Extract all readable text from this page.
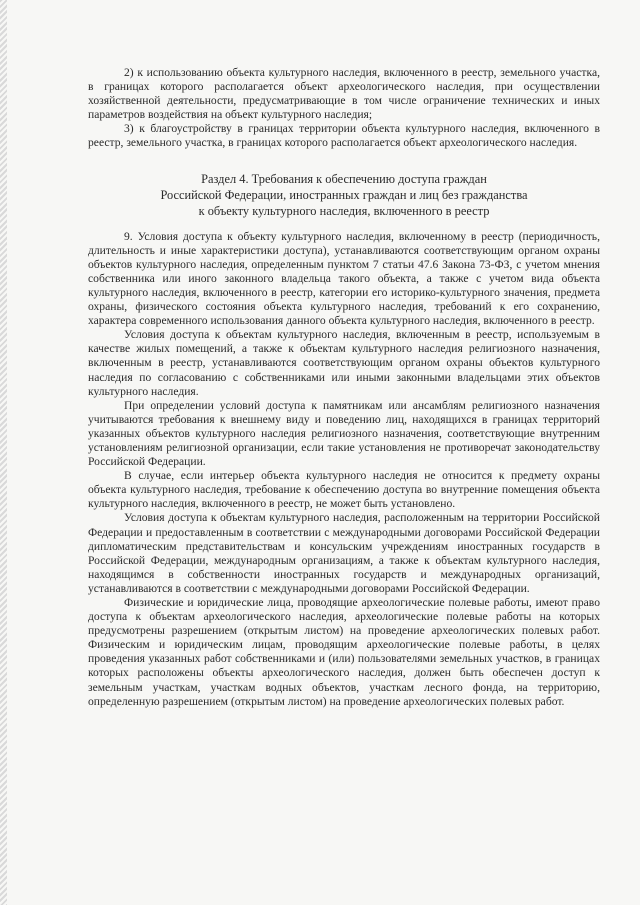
2) к использованию объекта культурного наследия, включенного в реестр, земельного участка, в границах которого располагается объект археологического наследия, при осуществлении хозяйственной деятельности, предусматривающие в том числе ограничение технических и иных параметров воздействия на объект культурного наследия;

3) к благоустройству в границах территории объекта культурного наследия, включенного в реестр, земельного участка, в границах которого располагается объект археологического наследия.

Раздел 4. Требования к обеспечению доступа граждан
Российской Федерации, иностранных граждан и лиц без гражданства
к объекту культурного наследия, включенного в реестр

9. Условия доступа к объекту культурного наследия, включенному в реестр (периодичность, длительность и иные характеристики доступа), устанавливаются соответствующим органом охраны объектов культурного наследия, определенным пунктом 7 статьи 47.6 Закона 73-ФЗ, с учетом мнения собственника или иного законного владельца такого объекта, а также с учетом вида объекта культурного наследия, включенного в реестр, категории его историко-культурного значения, предмета охраны, физического состояния объекта культурного наследия, требований к его сохранению, характера современного использования данного объекта культурного наследия, включенного в реестр.

Условия доступа к объектам культурного наследия, включенным в реестр, используемым в качестве жилых помещений, а также к объектам культурного наследия религиозного назначения, включенным в реестр, устанавливаются соответствующим органом охраны объектов культурного наследия по согласованию с собственниками или иными законными владельцами этих объектов культурного наследия.

При определении условий доступа к памятникам или ансамблям религиозного назначения учитываются требования к внешнему виду и поведению лиц, находящихся в границах территорий указанных объектов культурного наследия религиозного назначения, соответствующие внутренним установлениям религиозной организации, если такие установления не противоречат законодательству Российской Федерации.

В случае, если интерьер объекта культурного наследия не относится к предмету охраны объекта культурного наследия, требование к обеспечению доступа во внутренние помещения объекта культурного наследия, включенного в реестр, не может быть установлено.

Условия доступа к объектам культурного наследия, расположенным на территории Российской Федерации и предоставленным в соответствии с международными договорами Российской Федерации дипломатическим представительствам и консульским учреждениям иностранных государств в Российской Федерации, международным организациям, а также к объектам культурного наследия, находящимся в собственности иностранных государств и международных организаций, устанавливаются в соответствии с международными договорами Российской Федерации.

Физические и юридические лица, проводящие археологические полевые работы, имеют право доступа к объектам археологического наследия, археологические полевые работы на которых предусмотрены разрешением (открытым листом) на проведение археологических полевых работ. Физическим и юридическим лицам, проводящим археологические полевые работы, в целях проведения указанных работ собственниками и (или) пользователями земельных участков, в границах которых расположены объекты археологического наследия, должен быть обеспечен доступ к земельным участкам, участкам водных объектов, участкам лесного фонда, на территорию, определенную разрешением (открытым листом) на проведение археологических полевых работ.
